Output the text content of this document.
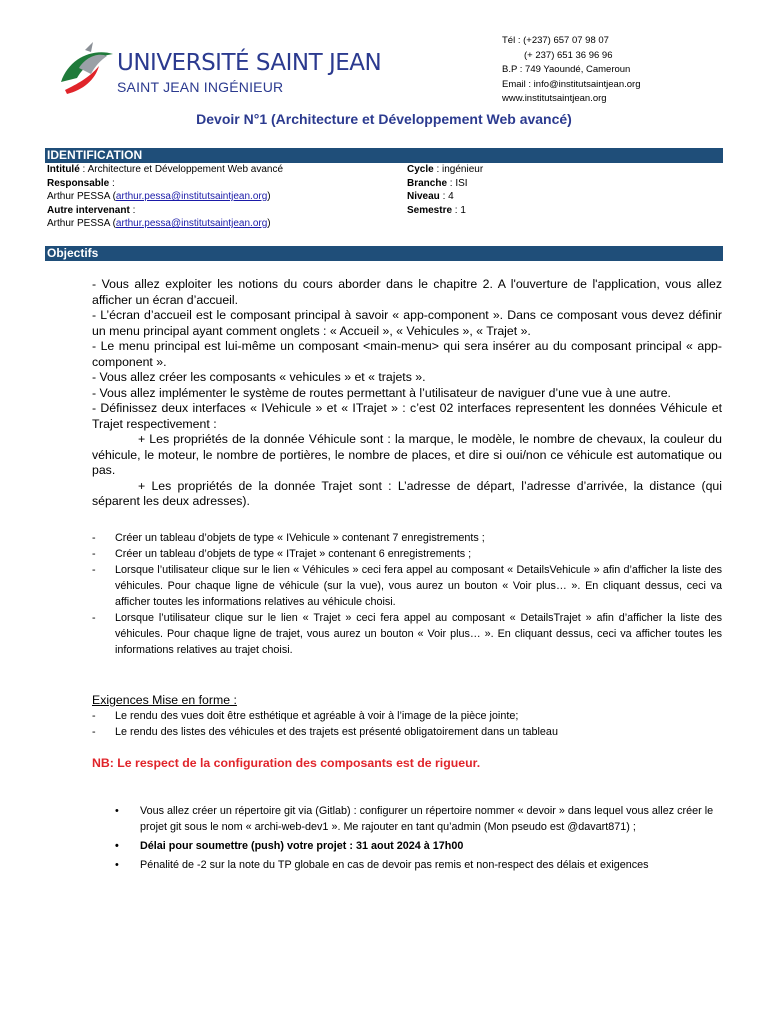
UNIVERSITÉ SAINT JEAN
SAINT JEAN INGÉNIEUR
Tél : (+237) 657 07 98 07
(+ 237) 651 36 96 96
B.P : 749 Yaoundé, Cameroun
Email : info@institutsaintjean.org
www.institutsaintjean.org
Devoir N°1 (Architecture et Développement Web avancé)
IDENTIFICATION
Intitulé : Architecture et Développement Web avancé
Responsable :
Arthur PESSA (arthur.pessa@institutsaintjean.org)
Autre intervenant :
Arthur PESSA (arthur.pessa@institutsaintjean.org)
Cycle : ingénieur
Branche : ISI
Niveau : 4
Semestre : 1
Objectifs

- Vous allez exploiter les notions du cours aborder dans le chapitre 2. A l'ouverture de l'application, vous allez afficher un écran d’accueil.

- L’écran d’accueil est le composant principal à savoir « app-component ». Dans ce composant vous devez définir un menu principal ayant comment onglets : « Accueil », « Vehicules », « Trajet ».

- Le menu principal est lui-même un composant <main-menu> qui sera insérer au du composant principal « app-component ».

- Vous allez créer les composants « vehicules » et « trajets ».

- Vous allez implémenter le système de routes permettant à l’utilisateur de naviguer d’une vue à une autre.

- Définissez deux interfaces « IVehicule » et « ITrajet » : c’est 02 interfaces representent les données Véhicule et Trajet respectivement :

+ Les propriétés de la donnée Véhicule sont : la marque, le modèle, le nombre de chevaux, la couleur du véhicule, le moteur, le nombre de portières, le nombre de places, et dire si oui/non ce véhicule est automatique ou pas.

+ Les propriétés de la donnée Trajet sont : L’adresse de départ, l’adresse d’arrivée, la distance (qui séparent les deux adresses).

- Créer un tableau d’objets de type « IVehicule » contenant 7 enregistrements ;
- Créer un tableau d’objets de type « ITrajet » contenant 6 enregistrements ;
- Lorsque l’utilisateur clique sur le lien « Véhicules » ceci fera appel au composant « DetailsVehicule » afin d’afficher la liste des véhicules. Pour chaque ligne de véhicule (sur la vue), vous aurez un bouton « Voir plus… ». En cliquant dessus, ceci va afficher toutes les informations relatives au véhicule choisi.
- Lorsque l’utilisateur clique sur le lien « Trajet » ceci fera appel au composant « DetailsTrajet » afin d’afficher la liste des véhicules. Pour chaque ligne de trajet, vous aurez un bouton « Voir plus… ». En cliquant dessus, ceci va afficher toutes les informations relatives au trajet choisi.
Exigences Mise en forme :
- Le rendu des vues doit être esthétique et agréable à voir à l’image de la pièce jointe;
- Le rendu des listes des véhicules et des trajets est présenté obligatoirement dans un tableau
NB: Le respect de la configuration des composants est de rigueur.
• Vous allez créer un répertoire git via (Gitlab) : configurer un répertoire nommer « devoir » dans lequel vous allez créer le projet git sous le nom « archi-web-dev1 ». Me rajouter en tant qu’admin (Mon pseudo est @davart871) ;
• Délai pour soumettre (push) votre projet : 31 aout 2024 à 17h00
• Pénalité de -2 sur la note du TP globale en cas de devoir pas remis et non-respect des délais et exigences
